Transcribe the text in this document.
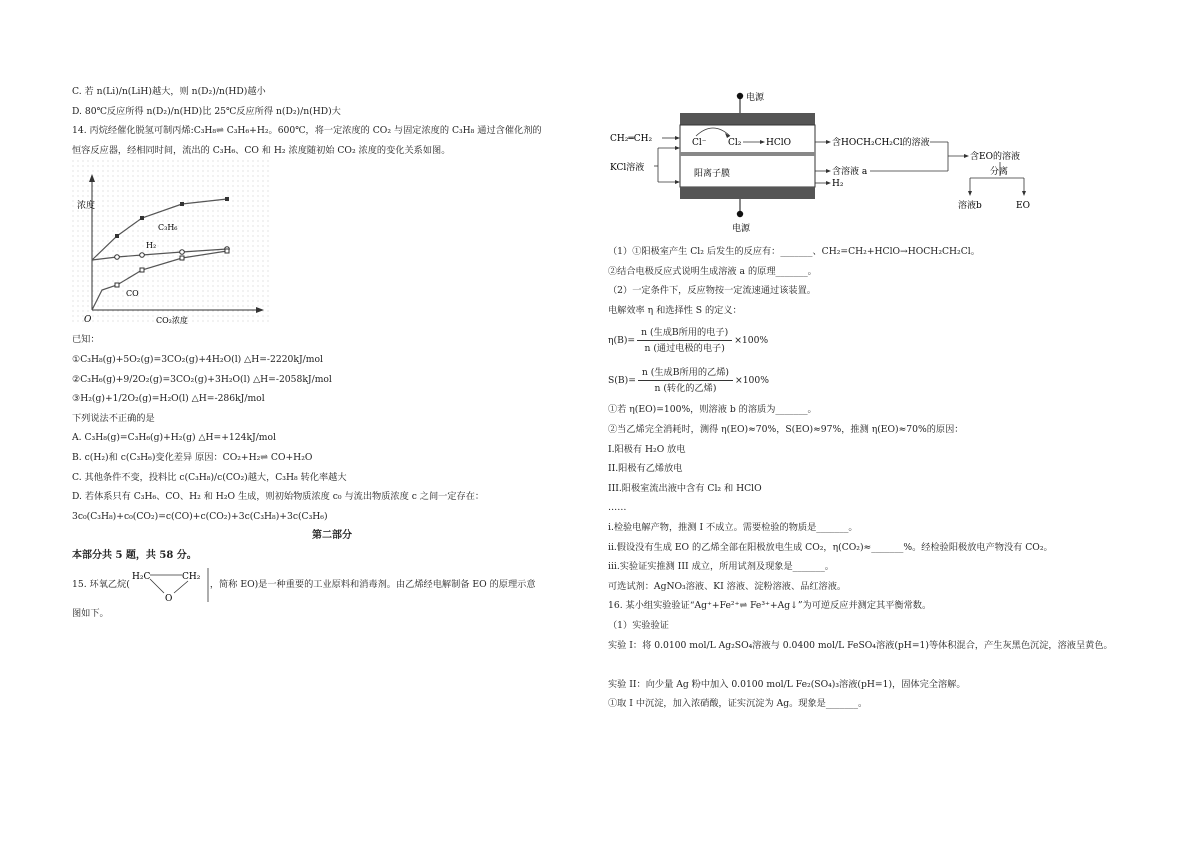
C. 若 n(Li)/n(LiH)越大，则 n(D₂)/n(HD)越小
D. 80℃反应所得 n(D₂)/n(HD)比 25℃反应所得 n(D₂)/n(HD)大
14. 丙烷经催化脱氢可制丙烯:C₃H₈⇌ C₃H₆+H₂。600℃，将一定浓度的 CO₂ 与固定浓度的 C₃H₈ 通过含催化剂的
恒容反应器，经相同时间，流出的 C₃H₆、CO 和 H₂ 浓度随初始 CO₂ 浓度的变化关系如图。
浓度
C₃H₆
H₂
CO
O	CO₂浓度
已知：
①C₃H₈(g)+5O₂(g)=3CO₂(g)+4H₂O(l) △H=-2220kJ/mol
②C₃H₆(g)+9/2O₂(g)=3CO₂(g)+3H₂O(l) △H=-2058kJ/mol
③H₂(g)+1/2O₂(g)=H₂O(l) △H=-286kJ/mol
下列说法不正确的是
A. C₃H₈(g)=C₃H₆(g)+H₂(g) △H=+124kJ/mol
B. c(H₂)和 c(C₃H₆)变化差异 原因：CO₂+H₂⇌ CO+H₂O
C. 其他条件不变，投料比 c(C₃H₈)/c(CO₂)越大，C₃H₈ 转化率越大
D. 若体系只有 C₃H₆、CO、H₂ 和 H₂O 生成，则初始物质浓度 c₀ 与流出物质浓度 c 之间一定存在：
3c₀(C₃H₈)+c₀(CO₂)=c(CO)+c(CO₂)+3c(C₃H₈)+3c(C₃H₆)
第二部分
本部分共 5 题，共 58 分。
15. 环氧乙烷(
H₂C	CH₂
O
，简称 EO)是一种重要的工业原料和消毒剂。由乙烯经电解制备 EO 的原理示意
图如下。
电源
电源
Cl⁻ Cl₂	HClO
阳离子膜
CH₂═CH₂
KCl溶液
含HOCH₂CH₂Cl的溶液
含溶液 a
H₂
含EO的溶液
分离
溶液b	EO
（1）①阳极室产生 Cl₂ 后发生的反应有：_______、CH₂=CH₂+HClO→HOCH₂CH₂Cl。
②结合电极反应式说明生成溶液 a 的原理_______。
（2）一定条件下，反应物按一定流速通过该装置。
电解效率 η 和选择性 S 的定义：
$\eta(B)= \frac{\text{n (生成B所用的电子)}}{\text{n (通过电极的电子)}} \times 100\%$
$S(B)= \frac{\text{n (生成B所用的乙烯)}}{\text{n (转化的乙烯)}} \times 100\%$
①若 η(EO)=100%，则溶液 b 的溶质为_______。
②当乙烯完全消耗时，测得 η(EO)≈70%，S(EO)≈97%，推测 η(EO)≈70%的原因：
I.阳极有 H₂O 放电
II.阳极有乙烯放电
III.阳极室流出液中含有 Cl₂ 和 HClO
……
i.检验电解产物，推测 I 不成立。需要检验的物质是_______。
ii.假设没有生成 EO 的乙烯全部在阳极放电生成 CO₂，η(CO₂)≈_______%。经检验阳极放电产物没有 CO₂。
iii.实验证实推测 III 成立，所用试剂及现象是_______。
可选试剂：AgNO₃溶液、KI 溶液、淀粉溶液、品红溶液。
16. 某小组实验验证“Ag⁺+Fe²⁺⇌ Fe³⁺+Ag↓”为可逆反应并测定其平衡常数。
（1）实验验证
实验 I：将 0.0100 mol/L Ag₂SO₄溶液与 0.0400 mol/L FeSO₄溶液(pH=1)等体积混合，产生灰黑色沉淀，溶液呈黄色。
实验 II：向少量 Ag 粉中加入 0.0100 mol/L Fe₂(SO₄)₃溶液(pH=1)，固体完全溶解。
①取 I 中沉淀，加入浓硝酸，证实沉淀为 Ag。现象是_______。
